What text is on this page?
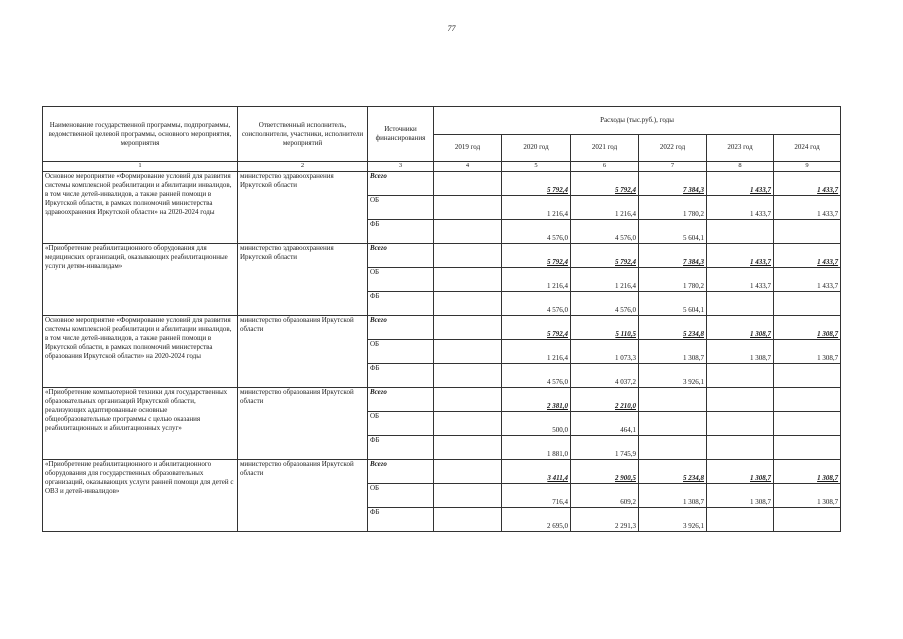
77
Наименование государственной программы, подпрограммы, ведомственной целевой программы, основного мероприятия, мероприятия	Ответственный исполнитель, соисполнители, участники, исполнители мероприятий	Источники финансирования	Расходы (тыс.руб.), годы					
			2019 год	2020 год	2021 год	2022 год	2023 год	2024 год
1	2	3	4	5	6	7	8	9
Основное мероприятие «Формирование условий для развития системы комплексной реабилитации и абилитации инвалидов, в том числе детей-инвалидов, а также ранней помощи в Иркутской области, в рамках полномочий министерства здравоохранения Иркутской области» на 2020-2024 годы	министерство здравоохранения Иркутской области	Всего		5 792,4	5 792,4	7 384,3	1 433,7	1 433,7
		ОБ		1 216,4	1 216,4	1 780,2	1 433,7	1 433,7
		ФБ		4 576,0	4 576,0	5 604,1		
«Приобретение реабилитационного оборудования для медицинских организаций, оказывающих реабилитационные услуги детям-инвалидам»	министерство здравоохранения Иркутской области	Всего		5 792,4	5 792,4	7 384,3	1 433,7	1 433,7
		ОБ		1 216,4	1 216,4	1 780,2	1 433,7	1 433,7
		ФБ		4 576,0	4 576,0	5 604,1		
Основное мероприятие «Формирование условий для развития системы комплексной реабилитации и абилитации инвалидов, в том числе детей-инвалидов, а также ранней помощи в Иркутской области, в рамках полномочий министерства образования Иркутской области» на 2020-2024 годы	министерство образования Иркутской области	Всего		5 792,4	5 110,5	5 234,8	1 308,7	1 308,7
		ОБ		1 216,4	1 073,3	1 308,7	1 308,7	1 308,7
		ФБ		4 576,0	4 037,2	3 926,1		
«Приобретение компьютерной техники для государственных образовательных организаций Иркутской области, реализующих адаптированные основные общеобразовательные программы с целью оказания реабилитационных и абилитационных услуг»	министерство образования Иркутской области	Всего		2 381,0	2 210,0			
		ОБ		500,0	464,1			
		ФБ		1 881,0	1 745,9			
«Приобретение реабилитационного и абилитационного оборудования для государственных образовательных организаций, оказывающих услуги ранней помощи для детей с ОВЗ и детей-инвалидов»	министерство образования Иркутской области	Всего		3 411,4	2 900,5	5 234,8	1 308,7	1 308,7
		ОБ		716,4	609,2	1 308,7	1 308,7	1 308,7
		ФБ		2 695,0	2 291,3	3 926,1		
